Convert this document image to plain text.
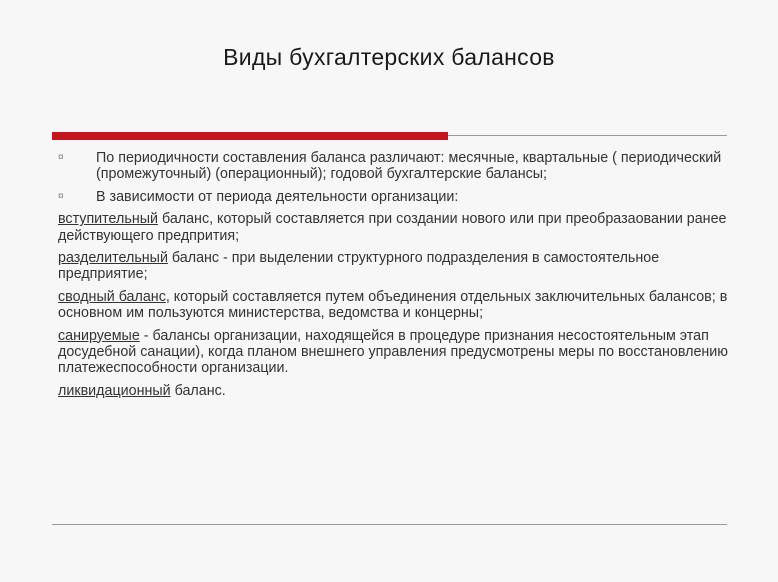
Виды бухгалтерских балансов
¤ По периодичности составления баланса различают: месячные, квартальные ( периодический (промежуточный) (операционный); годовой бухгалтерские балансы;
¤ В зависимости от периода деятельности организации:
вступительный баланс, который составляется при создании нового или при преобразаовании ранее действующего предпрития;
разделительный баланс - при выделении структурного подразделения в самостоятельное предприятие;
сводный баланс, который составляется путем объединения отдельных заключительных балансов; в основном им пользуются министерства, ведомства и концерны;
санируемые - балансы организации, находящейся в процедуре признания несостоятельным этап досудебной санации), когда планом внешнего управления предусмотрены меры по восстановлению платежеспособности организации.
ликвидационный баланс.
